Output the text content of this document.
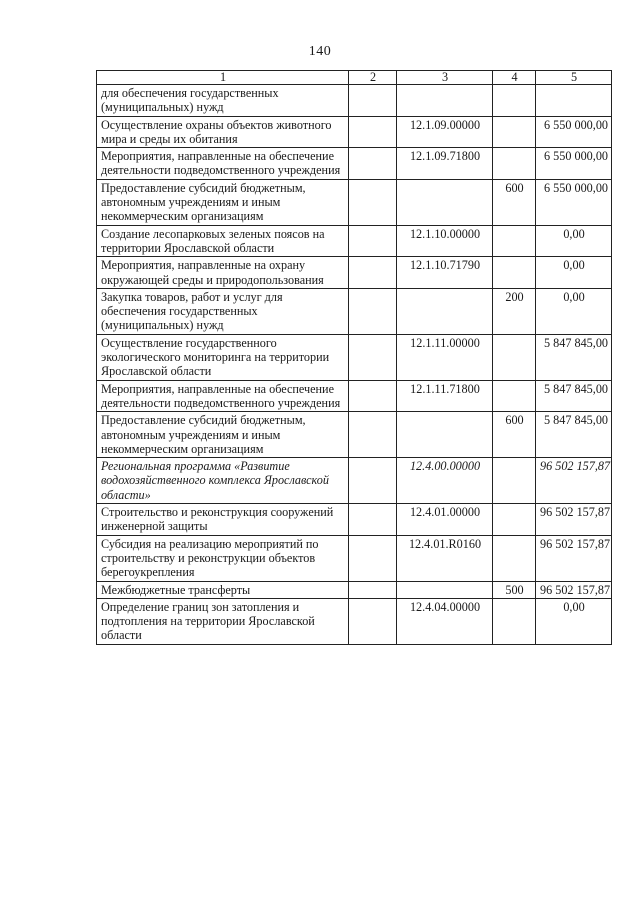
140
1	2	3	4	5
для обеспечения государственных (муниципальных) нужд				
Осуществление охраны объектов животного мира и среды их обитания		12.1.09.00000		6 550 000,00
Мероприятия, направленные на обеспечение деятельности подведомственного учреждения		12.1.09.71800		6 550 000,00
Предоставление субсидий бюджетным, автономным учреждениям и иным некоммерческим организациям			600	6 550 000,00
Создание лесопарковых зеленых поясов на территории Ярославской области		12.1.10.00000		0,00
Мероприятия, направленные на охрану окружающей среды и природопользования		12.1.10.71790		0,00
Закупка товаров, работ и услуг для обеспечения государственных (муниципальных) нужд			200	0,00
Осуществление государственного экологического мониторинга на территории Ярославской области		12.1.11.00000		5 847 845,00
Мероприятия, направленные на обеспечение деятельности подведомственного учреждения		12.1.11.71800		5 847 845,00
Предоставление субсидий бюджетным, автономным учреждениям и иным некоммерческим организациям			600	5 847 845,00
Региональная программа «Развитие водохозяйственного комплекса Ярославской области»		12.4.00.00000		96 502 157,87
Строительство и реконструкция сооружений инженерной защиты		12.4.01.00000		96 502 157,87
Субсидия на реализацию мероприятий по строительству и реконструкции объектов берегоукрепления		12.4.01.R0160		96 502 157,87
Межбюджетные трансферты			500	96 502 157,87
Определение границ зон затопления и подтопления на территории Ярославской области		12.4.04.00000		0,00
